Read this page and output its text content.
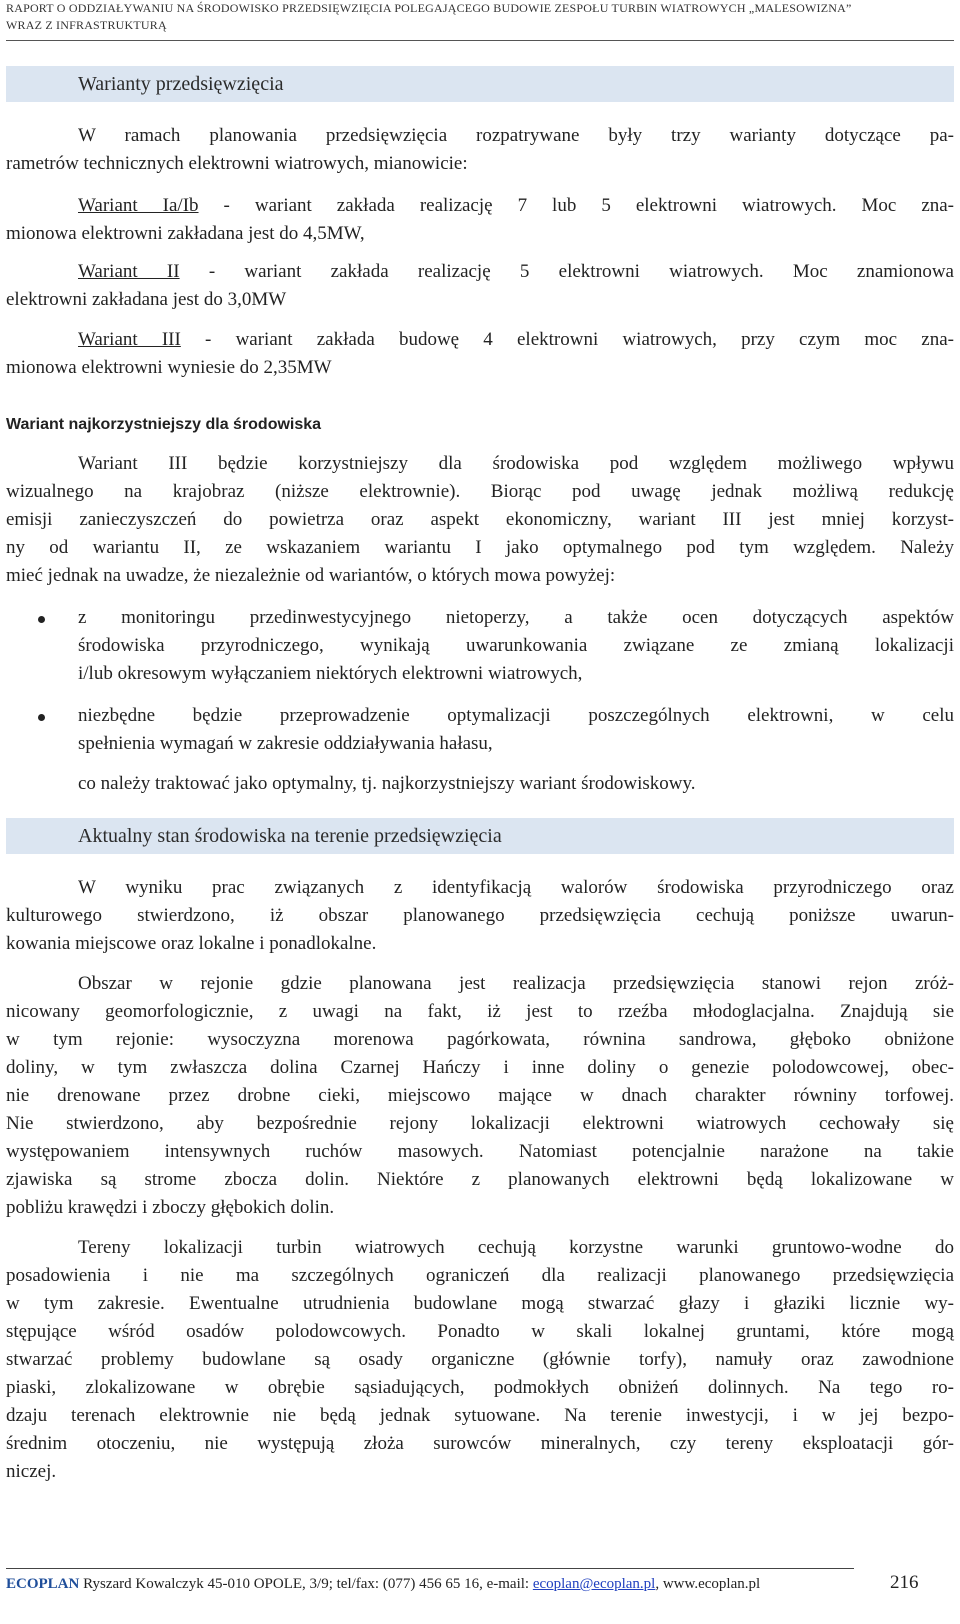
RAPORT O ODDZIAŁYWANIU NA ŚRODOWISKO PRZEDSIĘWZIĘCIA POLEGAJĄCEGO BUDOWIE ZESPOŁU TURBIN WIATROWYCH „MALESOWIZNA”
WRAZ Z INFRASTRUKTURĄ
Warianty przedsięwzięcia
W ramach planowania przedsięwzięcia rozpatrywane były trzy warianty dotyczące pa-
rametrów technicznych elektrowni wiatrowych, mianowicie:
Wariant Ia/Ib - wariant zakłada realizację 7 lub 5 elektrowni wiatrowych. Moc zna-
mionowa elektrowni zakładana jest do 4,5MW,
Wariant II - wariant zakłada realizację 5 elektrowni wiatrowych. Moc znamionowa
elektrowni zakładana jest do 3,0MW
Wariant III - wariant zakłada budowę 4 elektrowni wiatrowych, przy czym moc zna-
mionowa elektrowni wyniesie do 2,35MW
Wariant najkorzystniejszy dla środowiska
Wariant III będzie korzystniejszy dla środowiska pod względem możliwego wpływu
wizualnego na krajobraz (niższe elektrownie). Biorąc pod uwagę jednak możliwą redukcję
emisji zanieczyszczeń do powietrza oraz aspekt ekonomiczny, wariant III jest mniej korzyst-
ny od wariantu II, ze wskazaniem wariantu I jako optymalnego pod tym względem. Należy
mieć jednak na uwadze, że niezależnie od wariantów, o których mowa powyżej:
z monitoringu przedinwestycyjnego nietoperzy, a także ocen dotyczących aspektów
środowiska przyrodniczego, wynikają uwarunkowania związane ze zmianą lokalizacji
i/lub okresowym wyłączaniem niektórych elektrowni wiatrowych,
niezbędne będzie przeprowadzenie optymalizacji poszczególnych elektrowni, w celu
spełnienia wymagań w zakresie oddziaływania hałasu,
co należy traktować jako optymalny, tj. najkorzystniejszy wariant środowiskowy.
Aktualny stan środowiska na terenie przedsięwzięcia
W wyniku prac związanych z identyfikacją walorów środowiska przyrodniczego oraz
kulturowego stwierdzono, iż obszar planowanego przedsięwzięcia cechują poniższe uwarun-
kowania miejscowe oraz lokalne i ponadlokalne.
Obszar w rejonie gdzie planowana jest realizacja przedsięwzięcia stanowi rejon zróż-
nicowany geomorfologicznie, z uwagi na fakt, iż jest to rzeźba młodoglacjalna. Znajdują sie
w tym rejonie: wysoczyzna morenowa pagórkowata, równina sandrowa, głęboko obniżone
doliny, w tym zwłaszcza dolina Czarnej Hańczy i inne doliny o genezie polodowcowej, obec-
nie drenowane przez drobne cieki, miejscowo mające w dnach charakter równiny torfowej.
Nie stwierdzono, aby bezpośrednie rejony lokalizacji elektrowni wiatrowych cechowały się
występowaniem intensywnych ruchów masowych. Natomiast potencjalnie narażone na takie
zjawiska są strome zbocza dolin. Niektóre z planowanych elektrowni będą lokalizowane w
pobliżu krawędzi i zboczy głębokich dolin.
Tereny lokalizacji turbin wiatrowych cechują korzystne warunki gruntowo-wodne do
posadowienia i nie ma szczególnych ograniczeń dla realizacji planowanego przedsięwzięcia
w tym zakresie. Ewentualne utrudnienia budowlane mogą stwarzać głazy i głaziki licznie wy-
stępujące wśród osadów polodowcowych. Ponadto w skali lokalnej gruntami, które mogą
stwarzać problemy budowlane są osady organiczne (głównie torfy), namuły oraz zawodnione
piaski, zlokalizowane w obrębie sąsiadujących, podmokłych obniżeń dolinnych. Na tego ro-
dzaju terenach elektrownie nie będą jednak sytuowane. Na terenie inwestycji, i w jej bezpo-
średnim otoczeniu, nie występują złoża surowców mineralnych, czy tereny eksploatacji gór-
niczej.
ECOPLAN Ryszard Kowalczyk 45-010 OPOLE, 3/9; tel/fax: (077) 456 65 16, e-mail: ecoplan@ecoplan.pl, www.ecoplan.pl	216
